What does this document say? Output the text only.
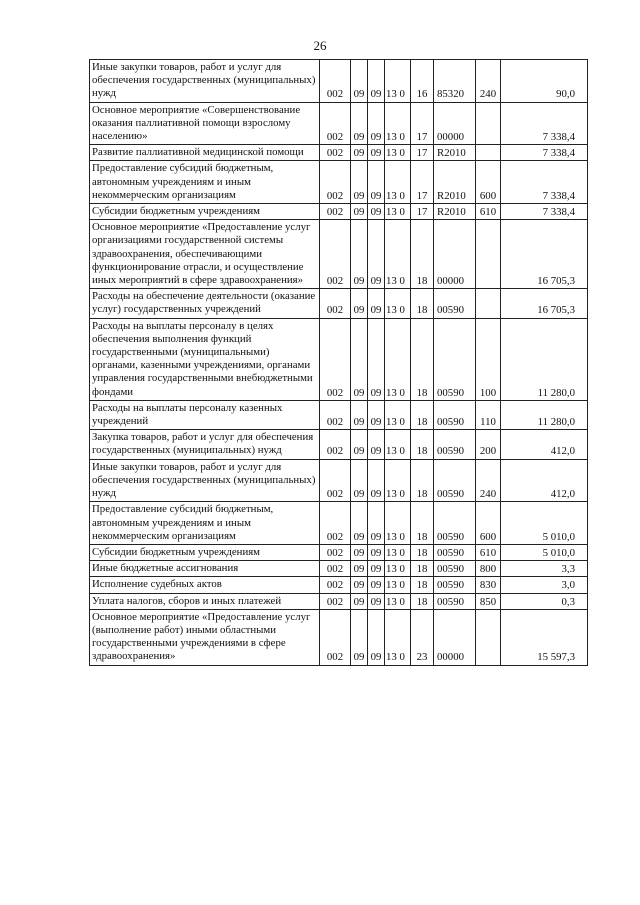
26
Иные закупки товаров, работ и услуг для обеспечения государственных (муниципальных) нужд	002	09	09	13 0	16	85320	240	90,0
Основное мероприятие «Совершенствование оказания паллиативной помощи взрослому населению»	002	09	09	13 0	17	00000		7 338,4
Развитие паллиативной медицинской помощи	002	09	09	13 0	17	R2010		7 338,4
Предоставление субсидий бюджетным, автономным учреждениям и иным некоммерческим организациям	002	09	09	13 0	17	R2010	600	7 338,4
Субсидии бюджетным учреждениям	002	09	09	13 0	17	R2010	610	7 338,4
Основное мероприятие «Предоставление услуг организациями государственной системы здравоохранения, обеспечивающими функционирование отрасли, и осуществление иных мероприятий в сфере здравоохранения»	002	09	09	13 0	18	00000		16 705,3
Расходы на обеспечение деятельности (оказание услуг) государственных учреждений	002	09	09	13 0	18	00590		16 705,3
Расходы на выплаты персоналу в целях обеспечения выполнения функций государственными (муниципальными) органами, казенными учреждениями, органами управления государственными внебюджетными фондами	002	09	09	13 0	18	00590	100	11 280,0
Расходы на выплаты персоналу казенных учреждений	002	09	09	13 0	18	00590	110	11 280,0
Закупка товаров, работ и услуг для обеспечения государственных (муниципальных) нужд	002	09	09	13 0	18	00590	200	412,0
Иные закупки товаров, работ и услуг для обеспечения государственных (муниципальных) нужд	002	09	09	13 0	18	00590	240	412,0
Предоставление субсидий бюджетным, автономным учреждениям и иным некоммерческим организациям	002	09	09	13 0	18	00590	600	5 010,0
Субсидии бюджетным учреждениям	002	09	09	13 0	18	00590	610	5 010,0
Иные бюджетные ассигнования	002	09	09	13 0	18	00590	800	3,3
Исполнение судебных актов	002	09	09	13 0	18	00590	830	3,0
Уплата налогов, сборов и иных платежей	002	09	09	13 0	18	00590	850	0,3
Основное мероприятие «Предоставление услуг (выполнение работ) иными областными государственными учреждениями в сфере здравоохранения»	002	09	09	13 0	23	00000		15 597,3
